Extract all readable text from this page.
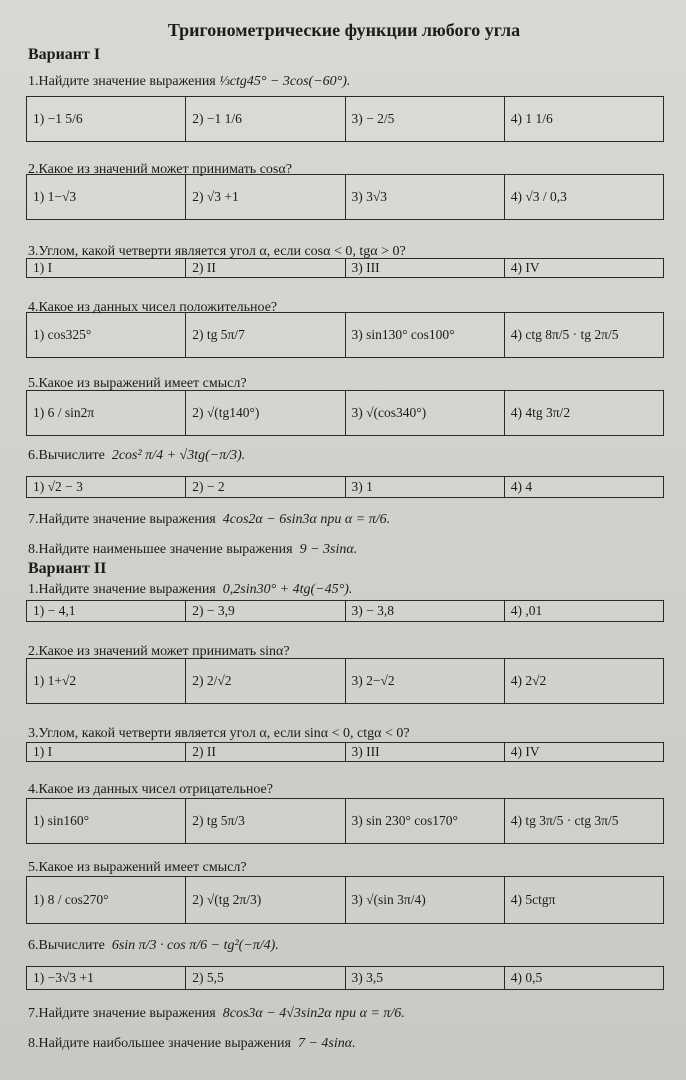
Тригонометрические функции любого угла
Вариант I
1.Найдите значение выражения ⅓ctg45° − 3cos(−60°).
1) −1 5/6	2) −1 1/6	3) − 2/5	4) 1 1/6
2.Какое из значений может принимать cosα?
1) 1−√3	2) √3 +1	3) 3√3	4) √3 / 0,3
3.Углом, какой четверти является угол α, если cosα < 0, tgα > 0?
1) I	2) II	3) III	4) IV
4.Какое из данных чисел положительное?
1) cos325°	2) tg 5π/7	3) sin130° cos100°	4) ctg 8π/5 · tg 2π/5
5.Какое из выражений имеет смысл?
1) 6 / sin2π	2) √(tg140°)	3) √(cos340°)	4) 4tg 3π/2
6.Вычислите 2cos² π/4 + √3tg(−π/3).
1) √2 − 3	2) − 2	3) 1	4) 4
7.Найдите значение выражения 4cos2α − 6sin3α при α = π/6.
8.Найдите наименьшее значение выражения 9 − 3sinα.
Вариант II
1.Найдите значение выражения 0,2sin30° + 4tg(−45°).
1) − 4,1	2) − 3,9	3) − 3,8	4) ,01
2.Какое из значений может принимать sinα?
1) 1+√2	2) 2/√2	3) 2−√2	4) 2√2
3.Углом, какой четверти является угол α, если sinα < 0, ctgα < 0?
1) I	2) II	3) III	4) IV
4.Какое из данных чисел отрицательное?
1) sin160°	2) tg 5π/3	3) sin 230° cos170°	4) tg 3π/5 · ctg 3π/5
5.Какое из выражений имеет смысл?
1) 8 / cos270°	2) √(tg 2π/3)	3) √(sin 3π/4)	4) 5ctgπ
6.Вычислите 6sin π/3 · cos π/6 − tg²(−π/4).
1) −3√3 +1	2) 5,5	3) 3,5	4) 0,5
7.Найдите значение выражения 8cos3α − 4√3sin2α при α = π/6.
8.Найдите наибольшее значение выражения 7 − 4sinα.
